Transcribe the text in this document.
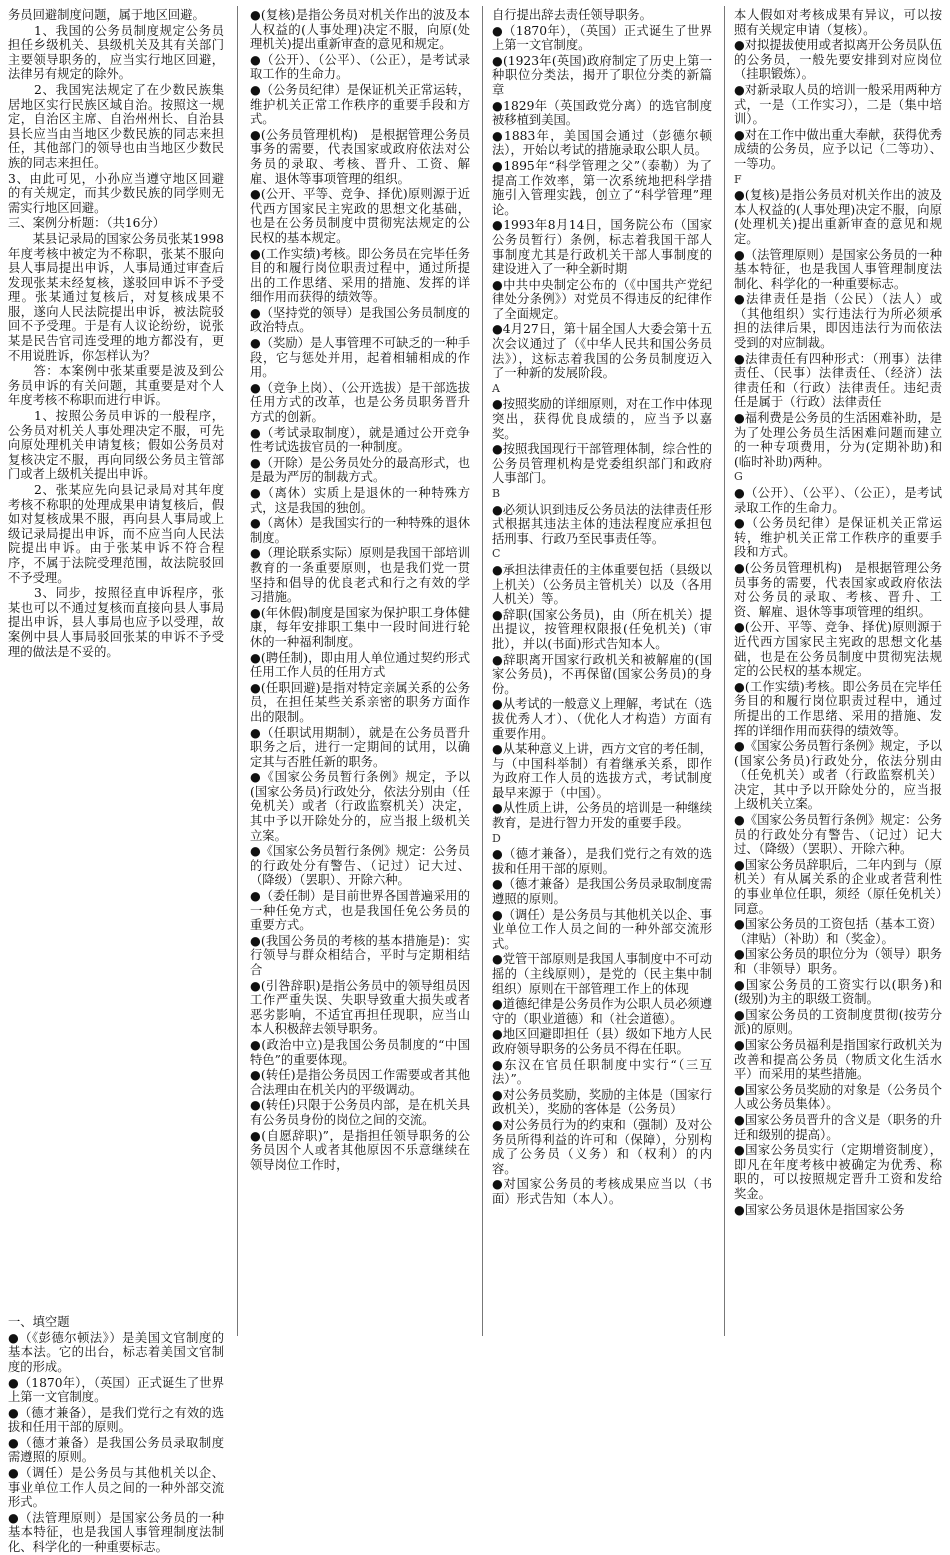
务员回避制度问题，属于地区回避。

　　1、我国的公务员制度规定公务员担任乡级机关、县级机关及其有关部门主要领导职务的，应当实行地区回避，法律另有规定的除外。

　　2、我国宪法规定了在少数民族集居地区实行民族区域自治。按照这一规定，自治区主席、自治州州长、自治县县长应当由当地区少数民族的同志来担任，其他部门的领导也由当地区少数民族的同志来担任。

3、由此可见，小孙应当遵守地区回避的有关规定，而其少数民族的同学则无需实行地区回避。

三、案例分析题：（共16分）

　　某县记录局的国家公务员张某1998年度考核中被定为不称职，张某不服向县人事局提出申诉，人事局通过审查后发现张某未经复核，遂驳回申诉不予受理。张某通过复核后，对复核成果不服，遂向人民法院提出申诉，被法院驳回不予受理。于是有人议论纷纷，说张某是民告官司连受理的地方都没有，更不用说胜诉，你怎样认为？

　　答：本案例中张某重要是波及到公务员申诉的有关问题，其重要是对个人年度考核不称职而进行申诉。

　　1、按照公务员申诉的一般程序，公务员对机关人事处理决定不服，可先向原处理机关申请复核；假如公务员对复核决定不服，再向同级公务员主管部门或者上级机关提出申诉。

　　2、张某应先向县记录局对其年度考核不称职的处理成果申请复核后，假如对复核成果不服，再向县人事局或上级记录局提出申诉，而不应当向人民法院提出申诉。由于张某申诉不符合程序，不属于法院受理范围，故法院驳回不予受理。

　　3、同步，按照径直申诉程序，张某也可以不通过复核而直接向县人事局提出申诉，县人事局也应予以受理，故案例中县人事局驳回张某的申诉不予受理的做法是不妥的。

一、填空题

●（《彭德尔顿法》）是美国文官制度的基本法。它的出台，标志着美国文官制度的形成。

●（1870年），（英国）正式诞生了世界上第一文官制度。

●（德才兼备），是我们党行之有效的选拔和任用干部的原则。

●（德才兼备）是我国公务员录取制度需遵照的原则。

●（调任）是公务员与其他机关以企、事业单位工作人员之间的一种外部交流形式。

●（法管理原则）是国家公务员的一种基本特征，也是我国人事管理制度法制化、科学化的一种重要标志。

●(复核)是指公务员对机关作出的波及本人权益的(人事处理)决定不服，向原(处理机关)提出重新审查的意见和规定。

●（公开）、（公平）、（公正），是考试录取工作的生命力。

●（公务员纪律）是保证机关正常运转，维护机关正常工作秩序的重要手段和方式。

●(公务员管理机构)　是根据管理公务员事务的需要，代表国家或政府依法对公务员的录取、考核、晋升、工资、解雇、退休等事项管理的组织。

●(公开、平等、竞争、择优)原则源于近代西方国家民主宪政的思想文化基础，也是在公务员制度中贯彻宪法规定的公民权的基本规定。

●(工作实绩)考核。即公务员在完毕任务目的和履行岗位职责过程中，通过所提出的工作思绪、采用的措施、发挥的详细作用而获得的绩效等。

●（坚持党的领导）是我国公务员制度的政治特点。

●（奖励）是人事管理不可缺乏的一种手段，它与惩处并用，起着相辅相成的作用。

●（竞争上岗）、（公开选拔）是干部选拔任用方式的改革，也是公务员职务晋升方式的创新。

●（考试录取制度），就是通过公开竞争性考试选拔官员的一种制度。

●（开除）是公务员处分的最高形式，也是最为严厉的制裁方式。

●（离休）实质上是退休的一种特殊方式，这是我国的独创。

●（离休）是我国实行的一种特殊的退休制度。

●（理论联系实际）原则是我国干部培训教育的一条重要原则，也是我们党一贯坚持和倡导的优良老式和行之有效的学习措施。

●(年休假)制度是国家为保护职工身体健康，每年安排职工集中一段时间进行轮休的一种福利制度。

●(聘任制)，即由用人单位通过契约形式任用工作人员的任用方式

●(任职回避)是指对特定亲属关系的公务员，在担任某些关系亲密的职务方面作出的限制。

●（任职试用期制），就是在公务员晋升职务之后，进行一定期间的试用，以确定其与否胜任新的职务。

●《国家公务员暂行条例》规定，予以(国家公务员)行政处分，依法分别由（任免机关）或者（行政监察机关）决定，其中予以开除处分的，应当报上级机关立案。

●《国家公务员暂行条例》规定：公务员的行政处分有警告、（记过）记大过、（降级）（罢职）、开除六种。

●（委任制）是目前世界各国普遍采用的一种任免方式，也是我国任免公务员的重要方式。

●(我国公务员的考核的基本措施是)：实行领导与群众相结合，平时与定期相结合

●(引咎辞职)是指公务员中的领导组员因工作严重失误、失职导致重大损失或者恶劣影响，不适宜再担任现职，应当山本人积极辞去领导职务。

●(政治中立)是我国公务员制度的“中国特色”的重要体现。

●(转任)是指公务员因工作需要或者其他合法理由在机关内的平级调动。

●(转任)只限于公务员内部，是在机关具有公务员身份的岗位之间的交流。

●(自愿辞职)”，是指担任领导职务的公务员因个人或者其他原因不乐意继续在领导岗位工作时，

自行提出辞去责任领导职务。

●（1870年），（英国）正式诞生了世界上第一文官制度。

●(1923年(英国)政府制定了历史上第一种职位分类法，揭开了职位分类的新篇章

●1829年（英国政党分离）的选官制度被移植到美国。

●1883年，美国国会通过（彭德尔顿法），开始以考试的措施录取公职人员。

●1895年“科学管理之父”（泰勒）为了提高工作效率，第一次系统地把科学措施引入管理实践，创立了“科学管理”理论。

●1993年8月14日，国务院公布（国家公务员暂行）条例，标志着我国干部人事制度尤其是行政机关干部人事制度的建设进入了一种全新时期

●中共中央制定公布的（《中国共产党纪律处分条例》）对党员不得违反的纪律作了全面规定。

●4月27日，第十届全国人大委会第十五次会议通过了（《中华人民共和国公务员法》），这标志着我国的公务员制度迈入了一种新的发展阶段。

A

●按照奖励的详细原则，对在工作中体现突出，获得优良成绩的，应当予以嘉奖。

●按照我国现行干部管理体制，综合性的公务员管理机构是党委组织部门和政府人事部门。

B

●必须认识到违反公务员法的法律责任形式根据其违法主体的违法程度应承担包括刑事、行政乃至民事责任等。

C

●承担法律责任的主体重要包括（县级以上机关）（公务员主管机关）以及（各用人机关）等。

●辞职(国家公务员)，由（所在机关）提出提议，按管理权限报(任免机关)（审批），并以(书面)形式告知本人。

●辞职离开国家行政机关和被解雇的(国家公务员)，不再保留(国家公务员)的身份。

●从考试的一般意义上理解，考试在（选拔优秀人才）、（优化人才构造）方面有重要作用。

●从某种意义上讲，西方文官的考任制，与（中国科举制）有着继承关系，即作为政府工作人员的选拔方式，考试制度最早来源于（中国）。

●从性质上讲，公务员的培训是一种继续教育，是进行智力开发的重要手段。

D

●（德才兼备），是我们党行之有效的选拔和任用干部的原则。

●（德才兼备）是我国公务员录取制度需遵照的原则。

●（调任）是公务员与其他机关以企、事业单位工作人员之间的一种外部交流形式。

●党管干部原则是我国人事制度中不可动摇的（主线原则），是党的（民主集中制组织）原则在干部管理工作上的体现

●道德纪律是公务员作为公职人员必须遵守的（职业道德）和（社会道德）。

●地区回避即担任（县）级如下地方人民政府领导职务的公务员不得在任职。

●东汉在官员任职制度中实行“（三互法）”。

●对公务员奖励，奖励的主体是（国家行政机关），奖励的客体是（公务员）

●对公务员行为的约束和（强制）及对公务员所得利益的许可和（保障），分别构成了公务员（义务）和（权利）的内容。

●对国家公务员的考核成果应当以（书面）形式告知（本人）。

本人假如对考核成果有异议，可以按照有关规定申请（复核）。

●对拟提拔使用或者拟离开公务员队伍的公务员，一般先要安排到对应岗位（挂职锻炼）。

●对新录取人员的培训一般采用两种方式，一是（工作实习），二是（集中培训）。

●对在工作中做出重大奉献，获得优秀成绩的公务员，应予以记（二等功）、一等功。

F

●(复核)是指公务员对机关作出的波及本人权益的(人事处理)决定不服，向原(处理机关)提出重新审查的意见和规定。

●（法管理原则）是国家公务员的一种基本特征，也是我国人事管理制度法制化、科学化的一种重要标志。

●法律责任是指（公民）（法人）或（其他组织）实行违法行为所必须承担的法律后果，即因违法行为而依法受到的对应制裁。

●法律责任有四种形式：（刑事）法律责任、（民事）法律责任、（经济）法律责任和（行政）法律责任。违纪责任是属于（行政）法律责任

●福利费是公务员的生活困难补助，是为了处理公务员生活困难问题而建立的一种专项费用，分为(定期补助)和(临时补助)两种。

G

●（公开）、（公平）、（公正），是考试录取工作的生命力。

●（公务员纪律）是保证机关正常运转，维护机关正常工作秩序的重要手段和方式。

●(公务员管理机构)　是根据管理公务员事务的需要，代表国家或政府依法对公务员的录取、考核、晋升、工资、解雇、退休等事项管理的组织。

●(公开、平等、竞争、择优)原则源于近代西方国家民主宪政的思想文化基础，也是在公务员制度中贯彻宪法规定的公民权的基本规定。

●(工作实绩)考核。即公务员在完毕任务目的和履行岗位职责过程中，通过所提出的工作思绪、采用的措施、发挥的详细作用而获得的绩效等。

●《国家公务员暂行条例》规定，予以(国家公务员)行政处分，依法分别由（任免机关）或者（行政监察机关）决定，其中予以开除处分的，应当报上级机关立案。

●《国家公务员暂行条例》规定：公务员的行政处分有警告、（记过）记大过、（降级）（罢职）、开除六种。

●国家公务员辞职后，二年内到与（原机关）有从属关系的企业或者营利性的事业单位任职，须经（原任免机关）同意。

●国家公务员的工资包括（基本工资）（津贴）（补助）和（奖金）。

●国家公务员的职位分为（领导）职务和（非领导）职务。

●国家公务员的工资实行以(职务)和(级别)为主的职级工资制。

●国家公务员的工资制度贯彻(按劳分派)的原则。

●国家公务员福利是指国家行政机关为改善和提高公务员（物质文化生活水平）而采用的某些措施。

●国家公务员奖励的对象是（公务员个人或公务员集体）。

●国家公务员晋升的含义是（职务的升迁和级别的提高）。

●国家公务员实行（定期增资制度），即凡在年度考核中被确定为优秀、称职的，可以按照规定晋升工资和发给奖金。

●国家公务员退休是指国家公务
